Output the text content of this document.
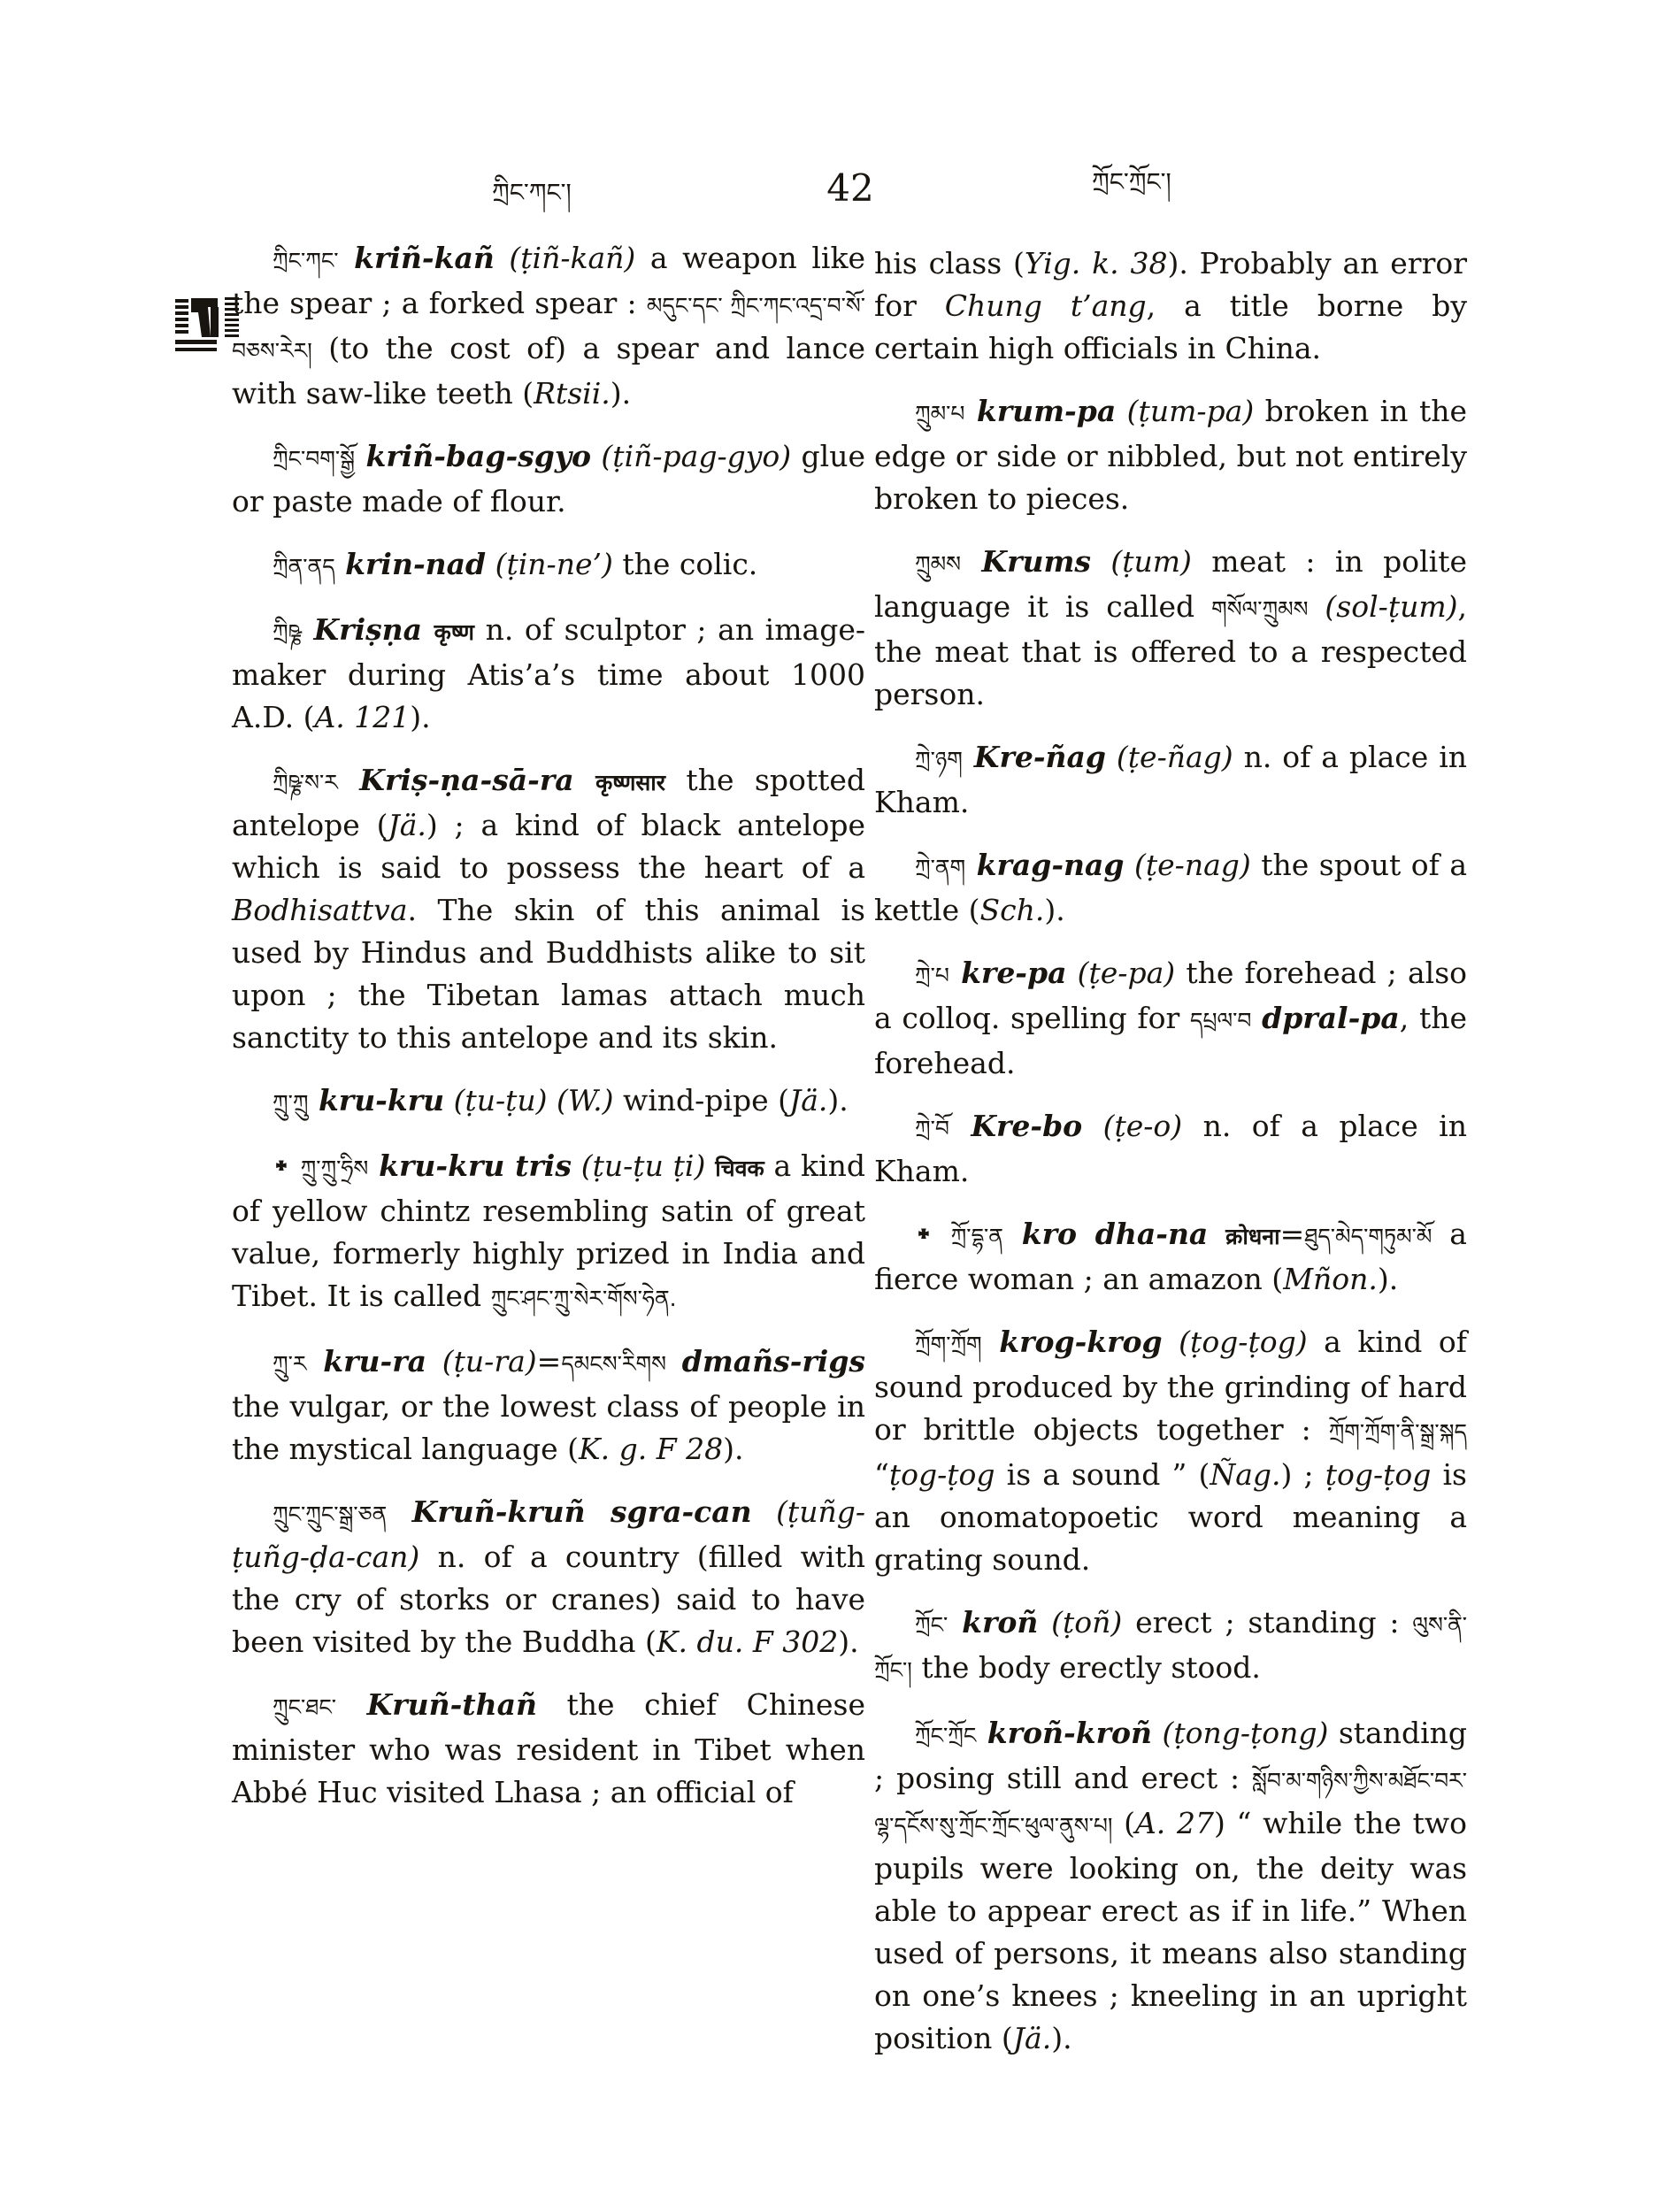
ཀྲིང་ཀང་།	42	ཀྲོང་ཀྲོང་།

ཀྲིང་ཀང་ kriñ-kañ (ṭiñ-kañ) a weapon like the spear ; a forked spear : མདུང་དང་ ཀྲིང་ཀང་འདྲ་བ་སོ་བཅས་རེར། (to the cost of) a spear and lance with saw-like teeth (Rtsii.).

ཀྲིང་བག་སྒྱོ kriñ-bag-sgyo (ṭiñ-pag-gyo) glue or paste made of flour.

ཀྲིན་ནད krin-nad (ṭin-ne’) the colic.

ཀྲིཥྞ Kriṣṇa कृष्ण n. of sculptor ; an image-maker during Atis’a’s time about 1000 A.D. (A. 121).

ཀྲིཥྞ་ས་ར Kriṣ-ṇa-sā-ra कृष्णसार the spotted antelope (Jä.) ; a kind of black antelope which is said to possess the heart of a Bodhisattva. The skin of this animal is used by Hindus and Buddhists alike to sit upon ; the Tibetan lamas attach much sanctity to this antelope and its skin.

ཀྲུ་ཀྲུ kru-kru (ṭu-ṭu) (W.) wind-pipe (Jä.).

᛭ ཀྲུ་ཀྲུ་ཧྲིས kru-kru tris (ṭu-ṭu ṭi) चिवक a kind of yellow chintz resembling satin of great value, formerly highly prized in India and Tibet. It is called ཀྲུང་ཤང་ཀྲུ་སེར་གོས་ཧེན.

ཀྲུ་ར kru-ra (ṭu-ra)=དམངས་རིགས dmañs-rigs the vulgar, or the lowest class of people in the mystical language (K. g. F 28).

ཀྲུང་ཀྲུང་སྒྲ་ཅན Kruñ-kruñ sgra-can (ṭuñg-ṭuñg-ḍa-can) n. of a country (filled with the cry of storks or cranes) said to have been visited by the Buddha (K. du. F 302).

ཀྲུང་ཐང་ Kruñ-thañ the chief Chinese minister who was resident in Tibet when Abbé Huc visited Lhasa ; an official of

his class (Yig. k. 38). Probably an error for Chung t’ang, a title borne by certain high officials in China.

ཀྲུམ་པ krum-pa (ṭum-pa) broken in the edge or side or nibbled, but not entirely broken to pieces.

ཀྲུམས Krums (ṭum) meat : in polite language it is called གསོལ་ཀྲུམས (sol-ṭum), the meat that is offered to a respected person.

ཀྲེ་ཉག Kre-ñag (ṭe-ñag) n. of a place in Kham.

ཀྲེ་ནག krag-nag (ṭe-nag) the spout of a kettle (Sch.).

ཀྲེ་པ kre-pa (ṭe-pa) the forehead ; also a colloq. spelling for དཔྲལ་བ dpral-pa, the forehead.

ཀྲེ་བོ Kre-bo (ṭe-o) n. of a place in Kham.

᛭ ཀྲོ་དྷ་ན kro dha-na क्रोधना=ཐུད་མེད་གཏུམ་མོ a fierce woman ; an amazon (Mñon.).

ཀྲོག་ཀྲོག krog-krog (ṭog-ṭog) a kind of sound produced by the grinding of hard or brittle objects together : ཀྲོག་ཀྲོག་ནི་སྒྲ་སྐད “ṭog-ṭog is a sound ” (Ñag.) ; ṭog-ṭog is an onomatopoetic word meaning a grating sound.

ཀྲོང་ kroñ (ṭoñ) erect ; standing : ལུས་ནི་ ཀྲོང་། the body erectly stood.

ཀྲོང་ཀྲོང kroñ-kroñ (ṭong-ṭong) standing ; posing still and erect : སློབ་མ་གཉིས་ཀྱིས་མཐོང་བར་ལྷ་དངོས་སུ་ཀྲོང་ཀྲོང་ཕུལ་ནུས་པ། (A. 27) “ while the two pupils were looking on, the deity was able to appear erect as if in life.” When used of persons, it means also standing on one’s knees ; kneeling in an upright position (Jä.).
